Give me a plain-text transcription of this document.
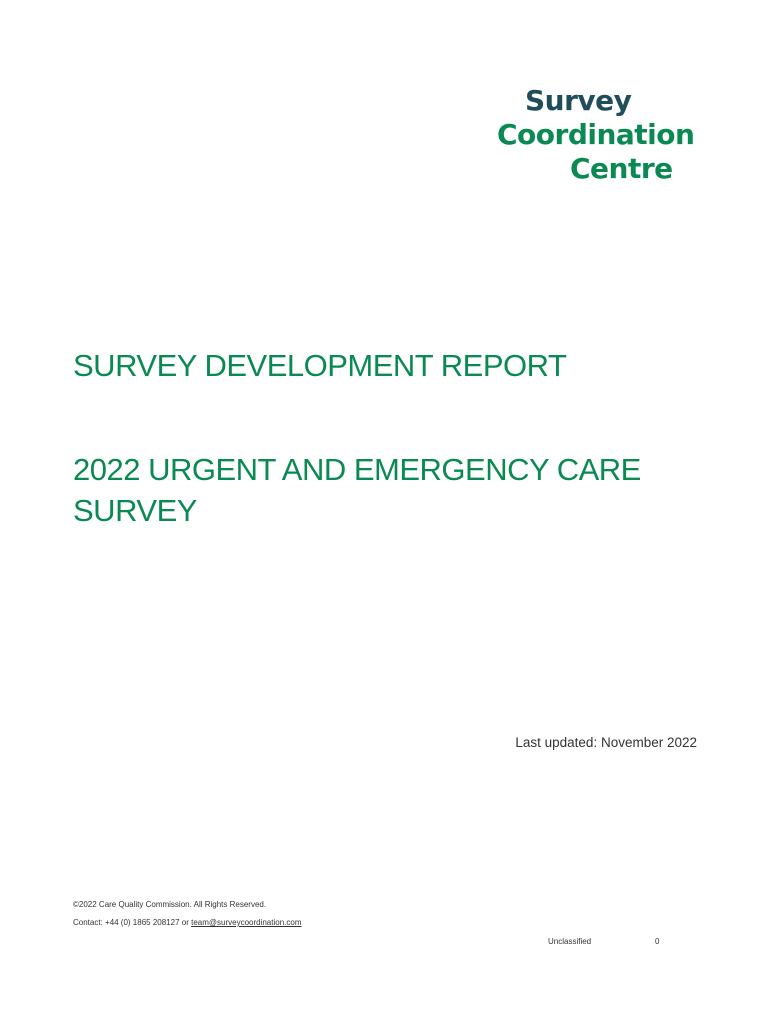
Survey
Coordination
Centre
SURVEY DEVELOPMENT REPORT
2022 URGENT AND EMERGENCY CARE SURVEY
Last updated: November 2022
©2022 Care Quality Commission. All Rights Reserved.
Contact: +44 (0) 1865 208127 or team@surveycoordination.com
Unclassified	0
